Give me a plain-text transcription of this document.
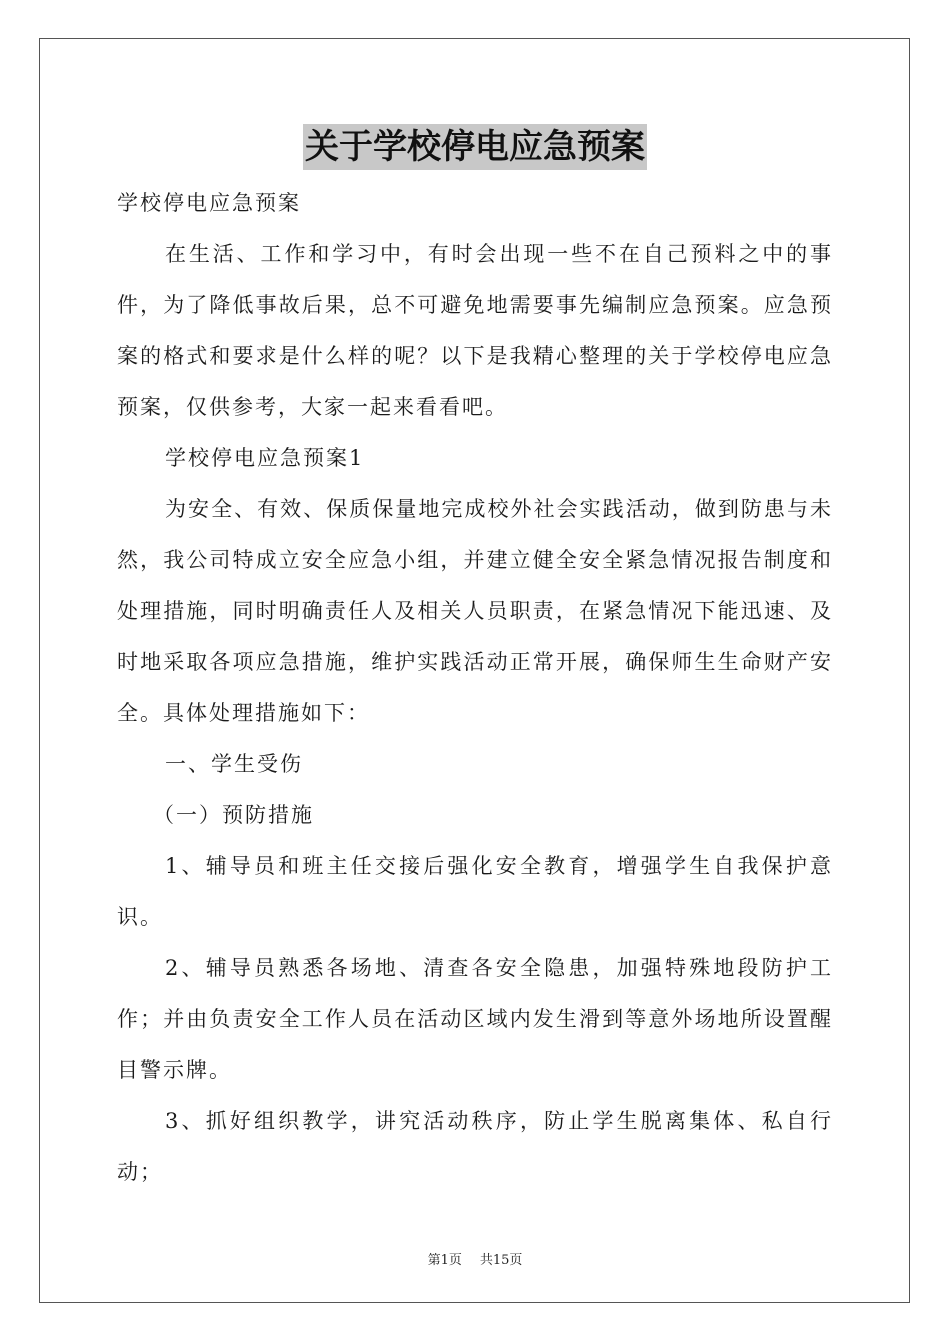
关于学校停电应急预案

学校停电应急预案

在生活、工作和学习中，有时会出现一些不在自己预料之中的事件，为了降低事故后果，总不可避免地需要事先编制应急预案。应急预案的格式和要求是什么样的呢？以下是我精心整理的关于学校停电应急预案，仅供参考，大家一起来看看吧。

学校停电应急预案1

为安全、有效、保质保量地完成校外社会实践活动，做到防患与未然，我公司特成立安全应急小组，并建立健全安全紧急情况报告制度和处理措施，同时明确责任人及相关人员职责，在紧急情况下能迅速、及时地采取各项应急措施，维护实践活动正常开展，确保师生生命财产安全。具体处理措施如下：

一、学生受伤

（一）预防措施

1、辅导员和班主任交接后强化安全教育，增强学生自我保护意识。

2、辅导员熟悉各场地、清查各安全隐患，加强特殊地段防护工作；并由负责安全工作人员在活动区域内发生滑到等意外场地所设置醒目警示牌。

3、抓好组织教学，讲究活动秩序，防止学生脱离集体、私自行动；

第1页 共15页
